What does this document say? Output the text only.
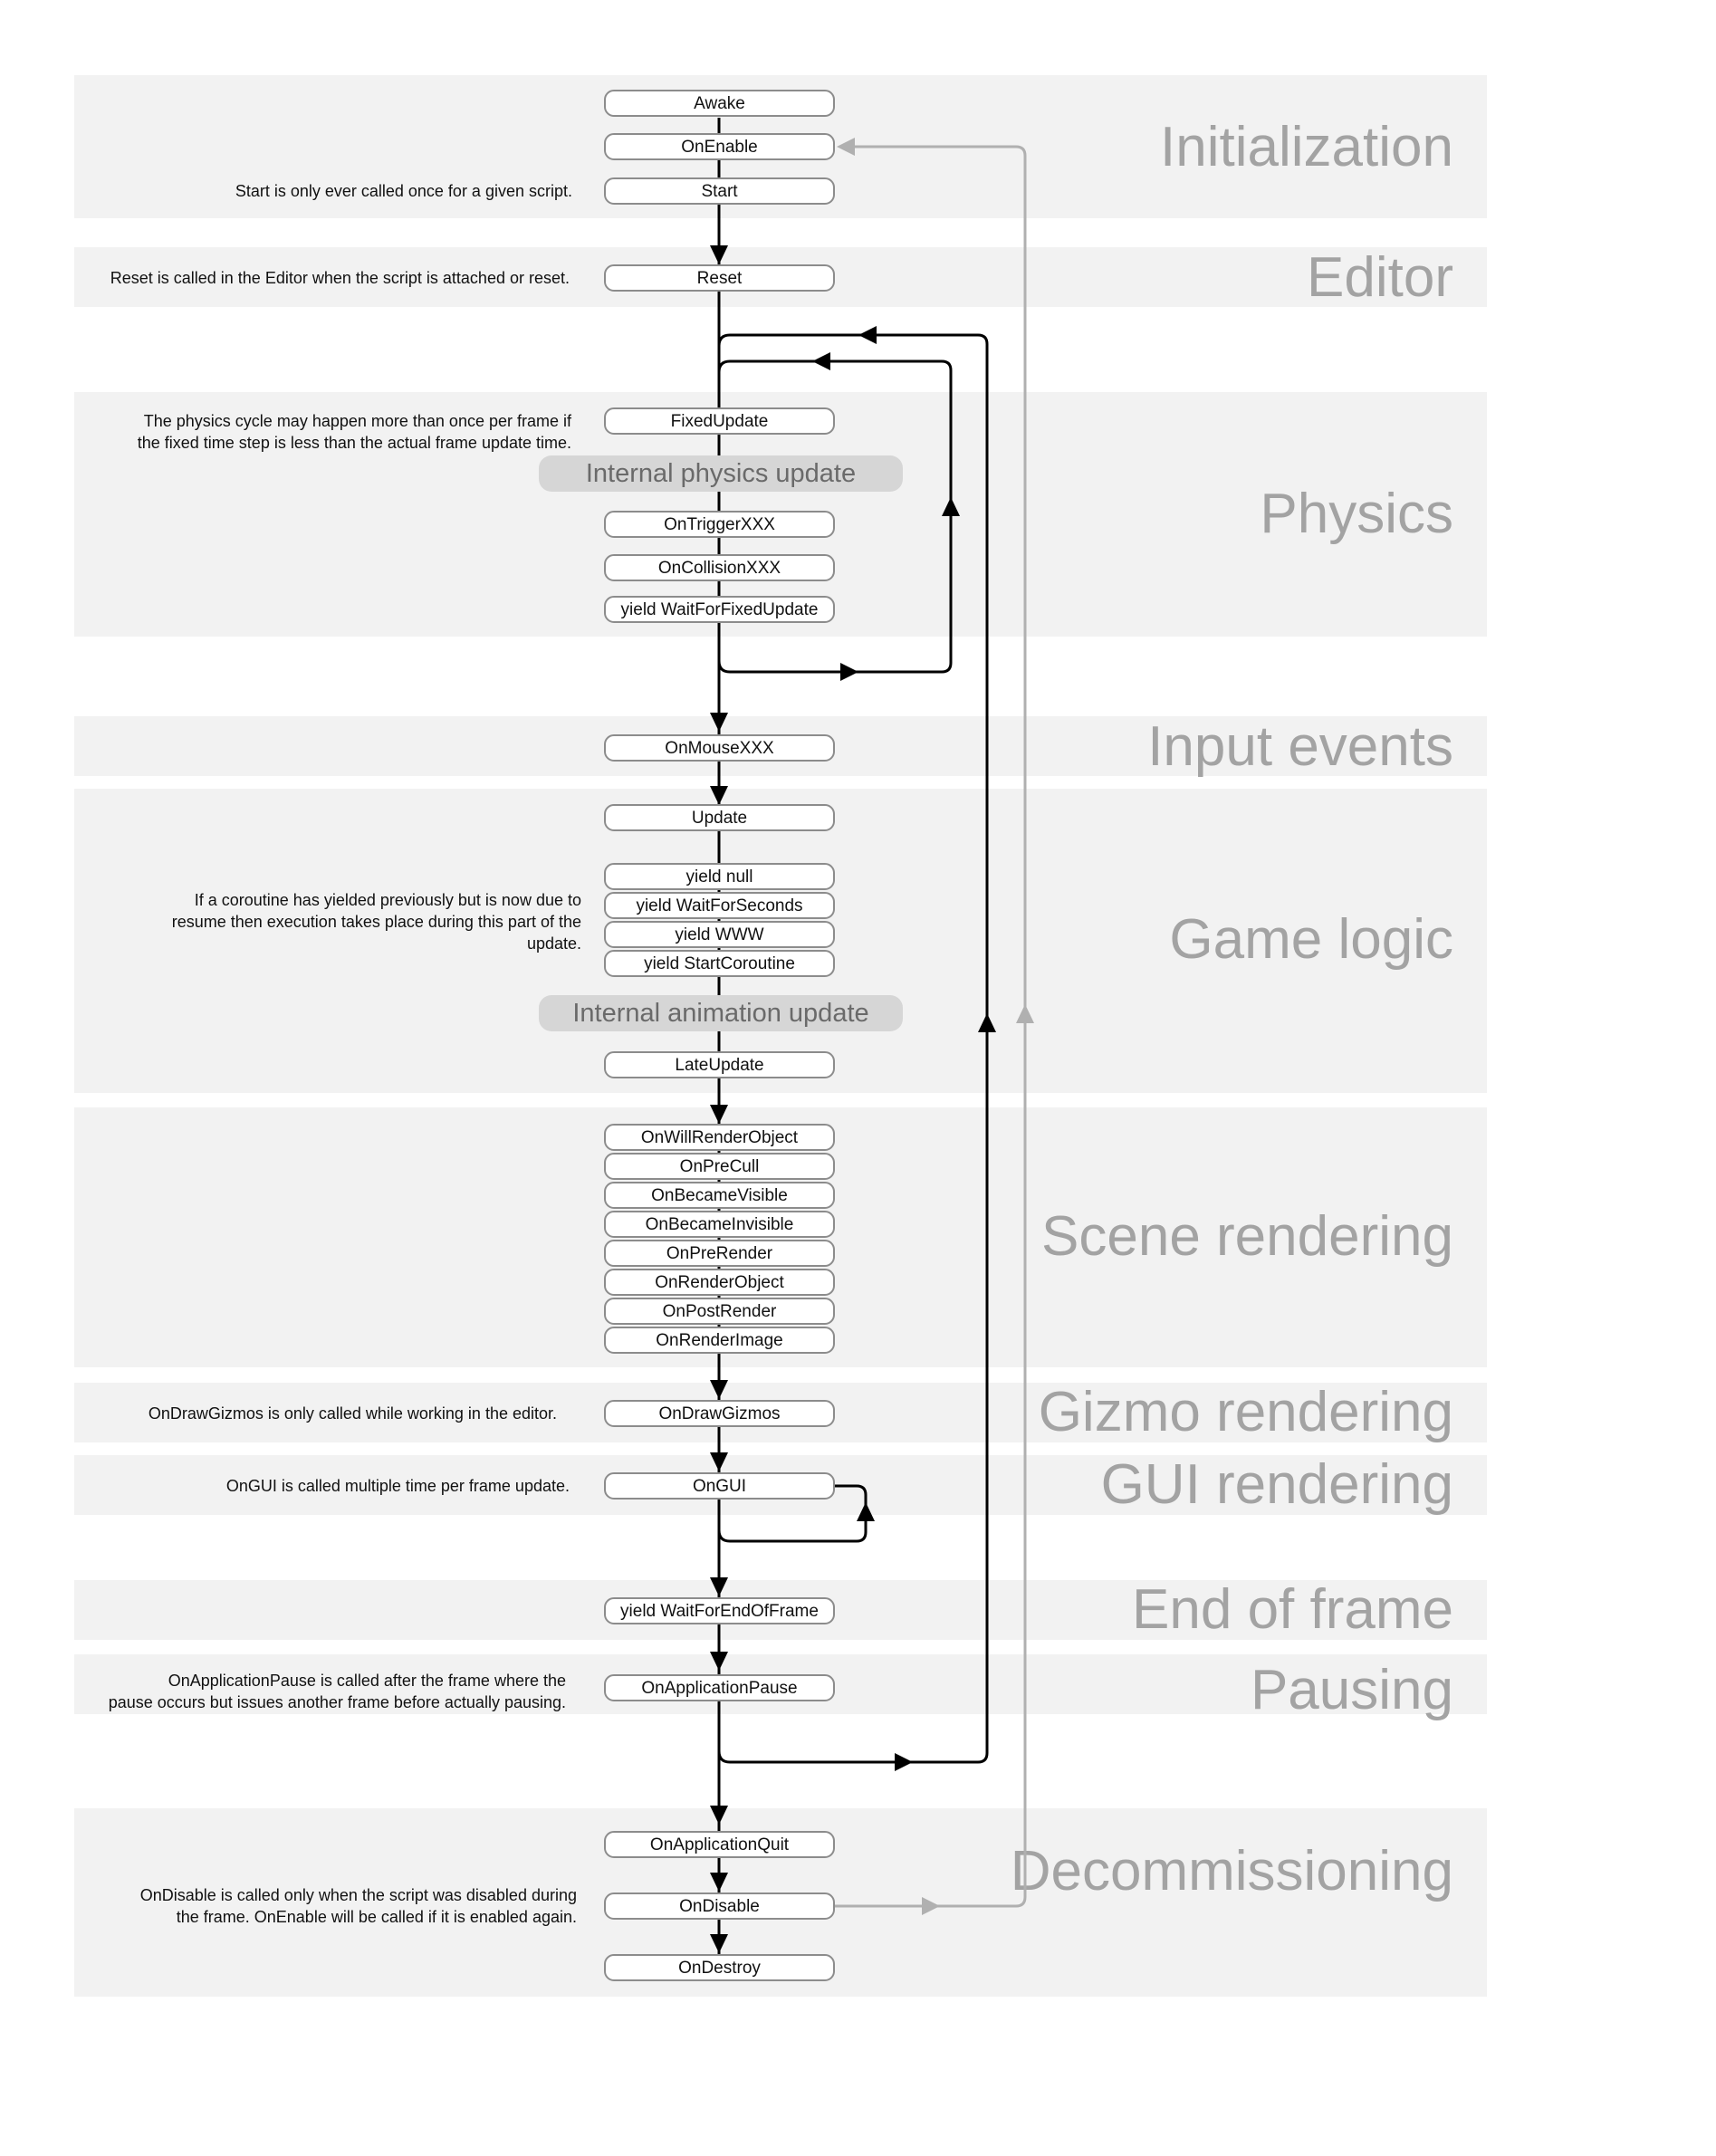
Initialization
Editor
Physics
Input events
Game logic
Scene rendering
Gizmo rendering
GUI rendering
End of frame
Pausing
Decommissioning
Awake
OnEnable
Start
Reset
FixedUpdate
Internal physics update
OnTriggerXXX
OnCollisionXXX
yield WaitForFixedUpdate
OnMouseXXX
Update
yield null
yield WaitForSeconds
yield WWW
yield StartCoroutine
Internal animation update
LateUpdate
OnWillRenderObject
OnPreCull
OnBecameVisible
OnBecameInvisible
OnPreRender
OnRenderObject
OnPostRender
OnRenderImage
OnDrawGizmos
OnGUI
yield WaitForEndOfFrame
OnApplicationPause
OnApplicationQuit
OnDisable
OnDestroy
Start is only ever called once for a given script.
Reset is called in the Editor when the script is attached or reset.
The physics cycle may happen more than once per frame if
the fixed time step is less than the actual frame update time.
If a coroutine has yielded previously but is now due to
resume then execution takes place during this part of the
update.
OnDrawGizmos is only called while working in the editor.
OnGUI is called multiple time per frame update.
OnApplicationPause is called after the frame where the
pause occurs but issues another frame before actually pausing.
OnDisable is called only when the script was disabled during
the frame. OnEnable will be called if it is enabled again.
